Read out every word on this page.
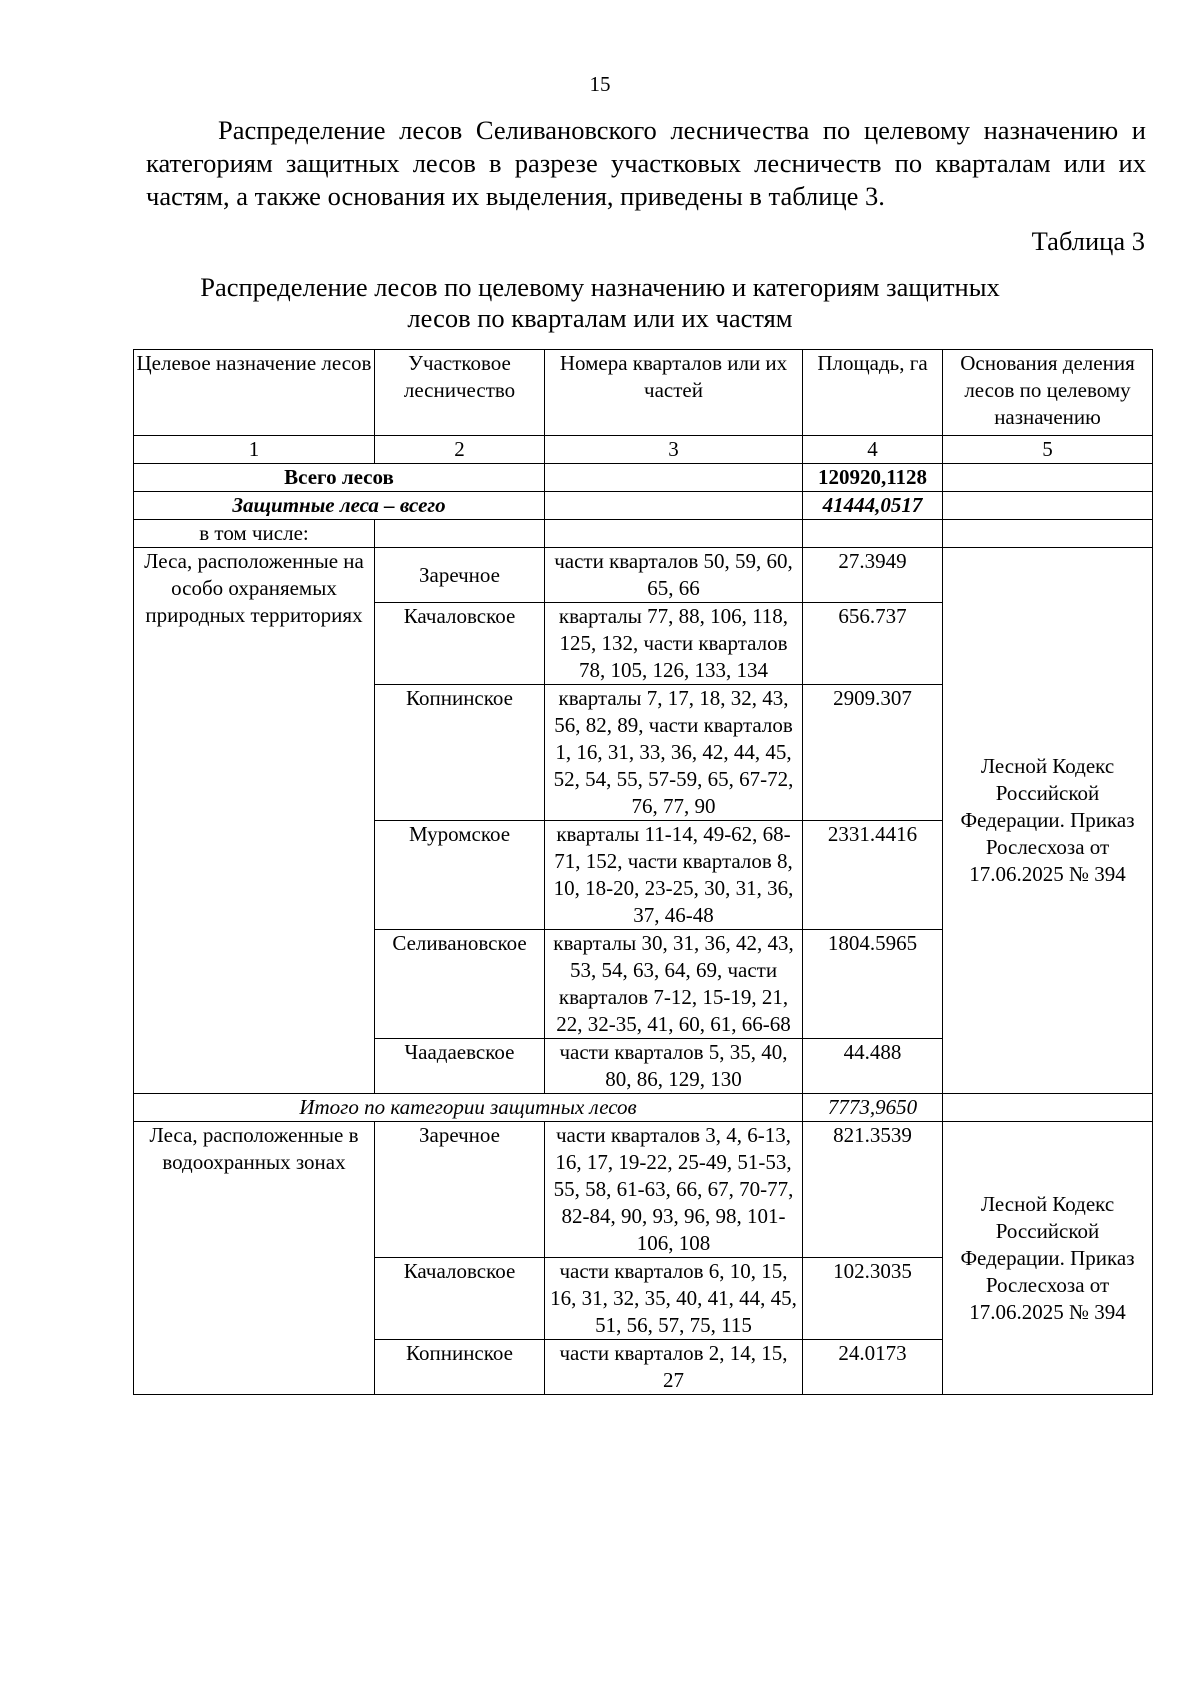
15

Распределение лесов Селивановского лесничества по целевому назначению и категориям защитных лесов в разрезе участковых лесничеств по кварталам или их частям, а также основания их выделения, приведены в таблице 3.

Таблица 3
Распределение лесов по целевому назначению и категориям защитных
лесов по кварталам или их частям
Целевое назначение лесов	Участковое лесничество	Номера кварталов или их частей	Площадь, га	Основания деления лесов по целевому назначению
1	2	3	4	5
Всего лесов			120920,1128	
Защитные леса – всего			41444,0517	
в том числе:				
Леса, расположенные на особо охраняемых природных территориях	Заречное	части кварталов 50, 59, 60, 65, 66	27.3949	Лесной Кодекс Российской Федерации. Приказ Рослесхоза от 17.06.2025 № 394
	Качаловское	кварталы 77, 88, 106, 118, 125, 132, части кварталов 78, 105, 126, 133, 134	656.737	
	Копнинское	кварталы 7, 17, 18, 32, 43, 56, 82, 89, части кварталов 1, 16, 31, 33, 36, 42, 44, 45, 52, 54, 55, 57-59, 65, 67-72, 76, 77, 90	2909.307	
	Муромское	кварталы 11-14, 49-62, 68-71, 152, части кварталов 8, 10, 18-20, 23-25, 30, 31, 36, 37, 46-48	2331.4416	
	Селивановское	кварталы 30, 31, 36, 42, 43, 53, 54, 63, 64, 69, части кварталов 7-12, 15-19, 21, 22, 32-35, 41, 60, 61, 66-68	1804.5965	
	Чаадаевское	части кварталов 5, 35, 40, 80, 86, 129, 130	44.488	
Итого по категории защитных лесов			7773,9650	
Леса, расположенные в водоохранных зонах	Заречное	части кварталов 3, 4, 6-13, 16, 17, 19-22, 25-49, 51-53, 55, 58, 61-63, 66, 67, 70-77, 82-84, 90, 93, 96, 98, 101-106, 108	821.3539	Лесной Кодекс Российской Федерации. Приказ Рослесхоза от 17.06.2025 № 394
	Качаловское	части кварталов 6, 10, 15, 16, 31, 32, 35, 40, 41, 44, 45, 51, 56, 57, 75, 115	102.3035	
	Копнинское	части кварталов 2, 14, 15, 27	24.0173	
